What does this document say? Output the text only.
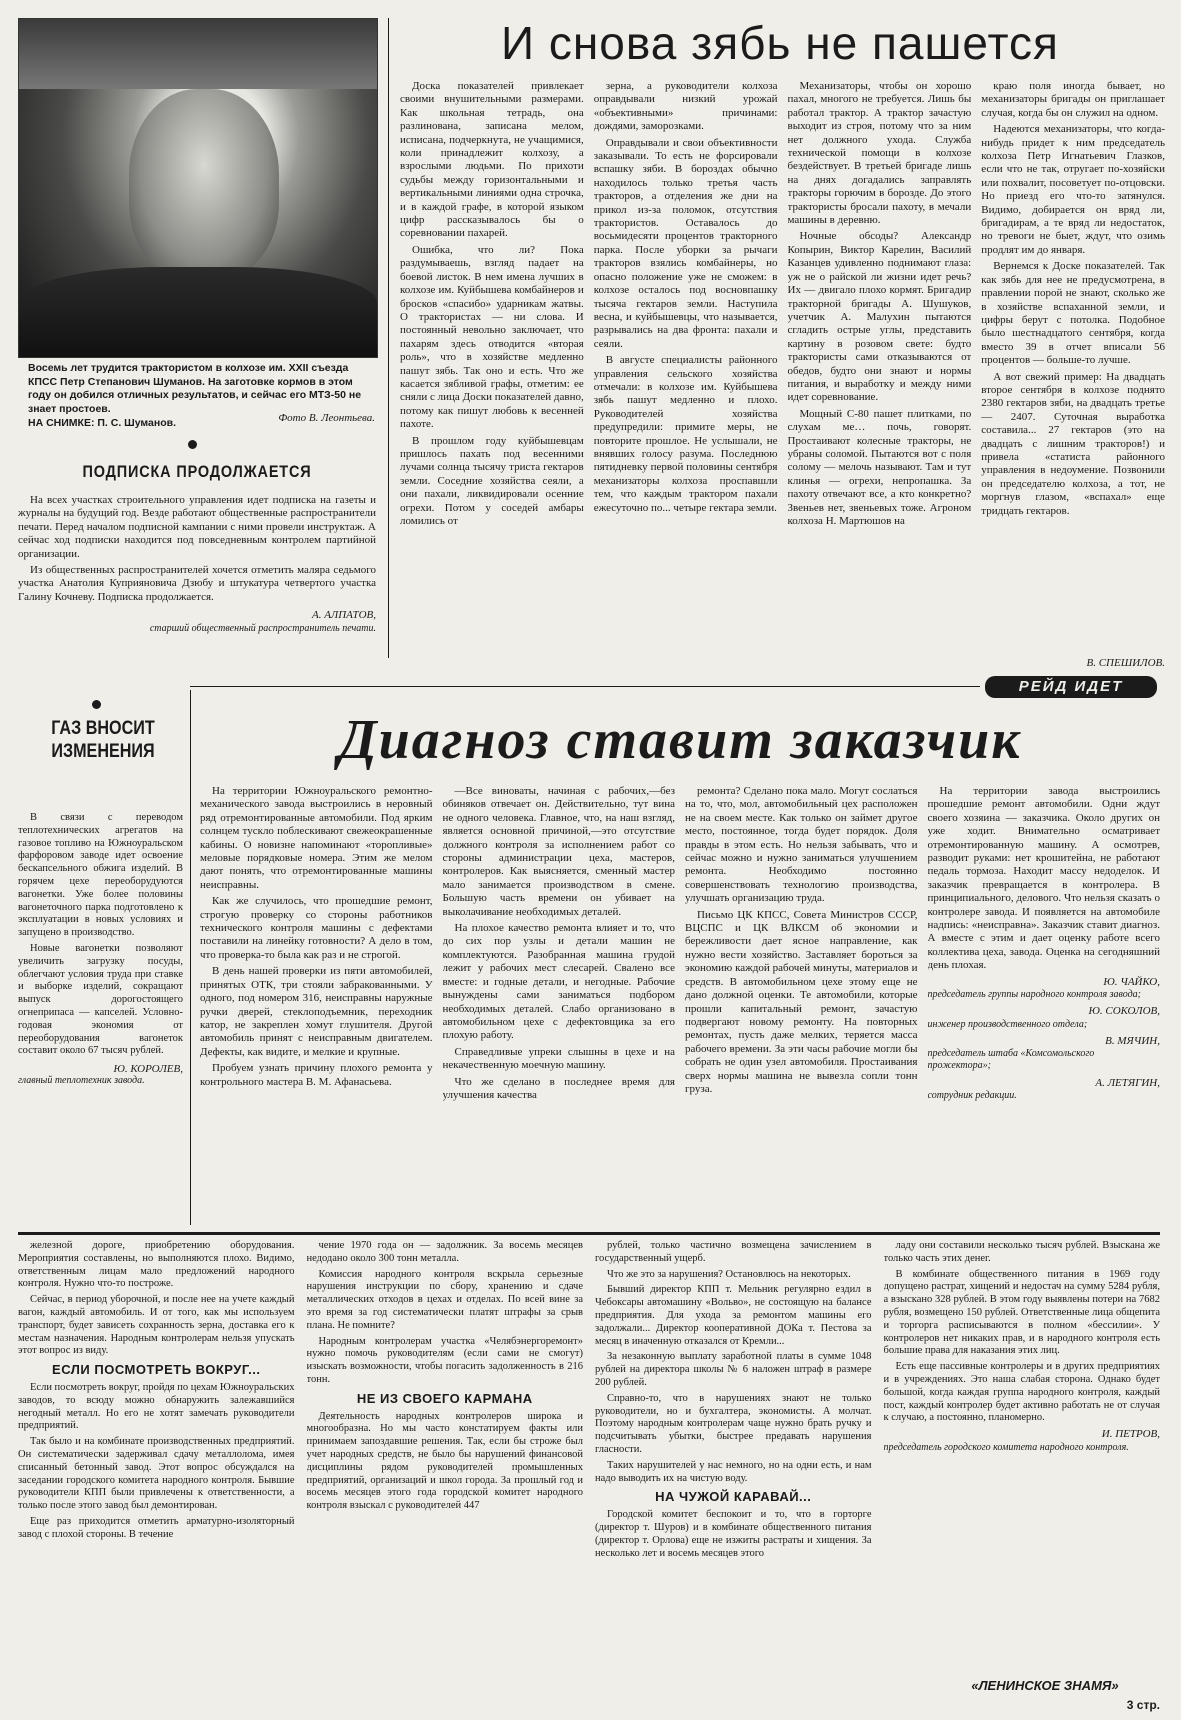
Восемь лет трудится трактористом в колхозе им. XXII съезда КПСС Петр Степанович Шуманов. На заготовке кормов в этом году он добился отличных результатов, и сейчас его МТЗ-50 не знает простоев.
НА СНИМКЕ: П. С. Шуманов.	Фото В. Леонтьева.
ПОДПИСКА ПРОДОЛЖАЕТСЯ

На всех участках строительного управления идет подписка на газеты и журналы на будущий год. Везде работают общественные распространители печати. Перед началом подписной кампании с ними провели инструктаж. А сейчас ход подписки находится под повседневным контролем партийной организации.

Из общественных распространителей хочется отметить маляра седьмого участка Анатолия Куприяновича Дзюбу и штукатура четвертого участка Галину Кочневу. Подписка продолжается.

А. АЛПАТОВ,
старший общественный распространитель печати.
И снова зябь не пашется

Доска показателей привлекает своими внушительными размерами. Как школьная тетрадь, она разлинована, записана мелом, исписана, подчеркнута, не учащимися, коли принадлежит колхозу, а взрослыми людьми. По прихоти судьбы между горизонтальными и вертикальными линиями одна строчка, и в каждой графе, в которой языком цифр рассказывалось бы о соревновании пахарей.

Ошибка, что ли? Пока раздумываешь, взгляд падает на боевой листок. В нем имена лучших в колхозе им. Куйбышева комбайнеров и бросков «спасибо» ударникам жатвы. О трактористах — ни слова. И постоянный невольно заключает, что пахарям здесь отводится «вторая роль», что в хозяйстве медленно пашут зябь. Так оно и есть. Что же касается зябливой графы, отметим: ее сняли с лица Доски показателей давно, потому как пишут любовь к весенней пахоте.

В прошлом году куйбышевцам пришлось пахать под весенними лучами солнца тысячу триста гектаров земли. Соседние хозяйства сеяли, а они пахали, ликвидировали осенние огрехи. Потом у соседей амбары ломились от

зерна, а руководители колхоза оправдывали низкий урожай «объективными» причинами: дождями, заморозками.

Оправдывали и свои объективности заказывали. То есть не форсировали вспашку зяби. В бороздах обычно находилось только третья часть тракторов, а отделения же дни на прикол из-за поломок, отсутствия трактористов. Оставалось до восьмидесяти процентов тракторного парка. После уборки за рычаги тракторов взялись комбайнеры, но опасно положение уже не сможем: в колхозе осталось под восновпашку тысяча гектаров земли. Наступила весна, и куйбышевцы, что называется, разрывались на два фронта: пахали и сеяли.

В августе специалисты районного управления сельского хозяйства отмечали: в колхозе им. Куйбышева зябь пашут медленно и плохо. Руководителей хозяйства предупредили: примите меры, не повторите прошлое. Не услышали, не внявших голосу разума. Последнюю пятидневку первой половины сентября механизаторы колхоза проспавшли тем, что каждым трактором пахали ежесуточно по... четыре гектара земли.

Механизаторы, чтобы он хорошо пахал, многого не требуется. Лишь бы работал трактор. А трактор зачастую выходит из строя, потому что за ним нет должного ухода. Служба технической помощи в колхозе бездействует. В третьей бригаде лишь на днях догадались заправлять тракторы горючим в борозде. До этого трактористы бросали пахоту, в мечали машины в деревню.

Ночные обсоды? Александр Копырин, Виктор Карелин, Василий Казанцев удивленно поднимают глаза: уж не о райской ли жизни идет речь? Их — двигало плохо кормят. Бригадир тракторной бригады А. Шушуков, учетчик А. Малухин пытаются сгладить острые углы, представить картину в розовом свете: будто трактористы сами отказываются от обедов, будто они знают и нормы питания, и выработку и между ними идет соревнование.

Мощный С-80 пашет плитками, по слухам ме… почь, говорят. Простаивают колесные тракторы, не убраны соломой. Пытаются вот с поля солому — мелочь называют. Там и тут клинья — огрехи, непропашка. За пахоту отвечают все, а кто конкретно? Звеньев нет, звеньевых тоже. Агроном колхоза Н. Мартюшов на

краю поля иногда бывает, но механизаторы бригады он приглашает случая, когда бы он служил на одном.

Надеются механизаторы, что когда-нибудь придет к ним председатель колхоза Петр Игнатьевич Глазков, если что не так, отругает по-хозяйски или похвалит, посоветует по-отцовски. Но приезд его что-то затянулся. Видимо, добирается он вряд ли, бригадирам, а те вряд ли недостаток, но тревоги не быет, ждут, что озимь продлят им до января.

Вернемся к Доске показателей. Так как зябь для нее не предусмотрена, в правлении порой не знают, сколько же в хозяйстве вспаханной земли, и цифры берут с потолка. Подобное было шестнадцатого сентября, когда вместо 39 в отчет вписали 56 процентов — больше-то лучше.

А вот свежий пример: На двадцать второе сентября в колхозе поднято 2380 гектаров зяби, на двадцать третье — 2407. Суточная выработка составила... 27 гектаров (это на двадцать с лишним тракторов!) и привела «статиста районного управления в недоумение. Позвонили он председателю колхоза, а тот, не моргнув глазом, «вспахал» еще тридцать гектаров.

В. СПЕШИЛОВ.
РЕЙД ИДЕТ
Диагноз ставит заказчик
ГАЗ ВНОСИТ ИЗМЕНЕНИЯ

В связи с переводом теплотехнических агрегатов на газовое топливо на Южноуральском фарфоровом заводе идет освоение бескапсельного обжига изделий. В горячем цехе переоборудуются вагонетки. Уже более половины вагонеточного парка подготовлено к эксплуатации в новых условиях и запущено в производство.

Новые вагонетки позволяют увеличить загрузку посуды, облегчают условия труда при ставке и выборке изделий, сокращают выпуск дорогостоящего огнеприпаса — капселей. Условно-годовая экономия от переоборудования вагонеток составит около 67 тысяч рублей.

Ю. КОРОЛЕВ,
главный теплотехник завода.

На территории Южноуральского ремонтно-механического завода выстроились в неровный ряд отремонтированные автомобили. Под ярким солнцем тускло поблескивают свежеокрашенные кабины. О новизне напоминают «торопливые» меловые порядковые номера. Этим же мелом дают понять, что отремонтированные машины неисправны.

Как же случилось, что прошедшие ремонт, строгую проверку со стороны работников технического контроля машины с дефектами поставили на линейку готовности? А дело в том, что проверка-то была как раз и не строгой.

В день нашей проверки из пяти автомобилей, принятых ОТК, три стояли забракованными. У одного, под номером 316, неисправны наружные ручки дверей, стеклоподъемник, переходник катор, не закреплен хомут глушителя. Другой автомобиль принят с неисправным двигателем. Дефекты, как видите, и мелкие и крупные.

Пробуем узнать причину плохого ремонта у контрольного мастера В. М. Афанасьева.

—Все виноваты, начиная с рабочих,—без обиняков отвечает он. Действительно, тут вина не одного человека. Главное, что, на наш взгляд, является основной причиной,—это отсутствие должного контроля за исполнением работ со стороны администрации цеха, мастеров, контролеров. Как выясняется, сменный мастер мало занимается производством в смене. Большую часть времени он убивает на выколачивание необходимых деталей.

На плохое качество ремонта влияет и то, что до сих пор узлы и детали машин не комплектуются. Разобранная машина грудой лежит у рабочих мест слесарей. Свалено все вместе: и годные детали, и негодные. Рабочие вынуждены сами заниматься подбором необходимых деталей. Слабо организовано в автомобильном цехе с дефектовщика за его плохую работу.

Справедливые упреки слышны в цехе и на некачественную моечную машину.

Что же сделано в последнее время для улучшения качества

ремонта? Сделано пока мало. Могут сослаться на то, что, мол, автомобильный цех расположен не на своем месте. Как только он займет другое место, постоянное, тогда будет порядок. Доля правды в этом есть. Но нельзя забывать, что и сейчас можно и нужно заниматься улучшением ремонта. Необходимо постоянно совершенствовать технологию производства, улучшать организацию труда.

Письмо ЦК КПСС, Совета Министров СССР, ВЦСПС и ЦК ВЛКСМ об экономии и бережливости дает ясное направление, как нужно вести хозяйство. Заставляет бороться за экономию каждой рабочей минуты, материалов и средств. В автомобильном цехе этому еще не дано должной оценки. Те автомобили, которые прошли капитальный ремонт, зачастую подвергают новому ремонту. На повторных ремонтах, пусть даже мелких, теряется масса рабочего времени. За эти часы рабочие могли бы собрать не один узел автомобиля. Простаивания сверх нормы машина не вывезла сопли тонн груза.

На территории завода выстроились прошедшие ремонт автомобили. Одни ждут своего хозяина — заказчика. Около других он уже ходит. Внимательно осматривает отремонтированную машину. А осмотрев, разводит руками: нет крошитейна, не работают педаль тормоза. Находит массу недоделок. И заказчик превращается в контролера. В принципиального, делового. Что нельзя сказать о контролере завода. И появляется на автомобиле надпись: «неисправна». Заказчик ставит диагноз. А вместе с этим и дает оценку работе всего коллектива цеха, завода. Оценка на сегодняшний день плохая.

Ю. ЧАЙКО,
председатель группы народного контроля завода;
Ю. СОКОЛОВ,
инженер производственного отдела;
В. МЯЧИН,
председатель штаба «Комсомольского прожектора»;
А. ЛЕТЯГИН,
сотрудник редакции.

железной дороге, приобретению оборудования. Мероприятия составлены, но выполняются плохо. Видимо, ответственным лицам мало предложений народного контроля. Нужно что-то построже.

Сейчас, в период уборочной, и после нее на учете каждый вагон, каждый автомобиль. И от того, как мы используем транспорт, будет зависеть сохранность зерна, доставка его к местам назначения. Народным контролерам нельзя упускать этот вопрос из виду.

ЕСЛИ ПОСМОТРЕТЬ ВОКРУГ...

Если посмотреть вокруг, пройдя по цехам Южноуральских заводов, то всюду можно обнаружить залежавшийся негодный металл. Но его не хотят замечать руководители предприятий.

Так было и на комбинате производственных предприятий. Он систематически задерживал сдачу металлолома, имея списанный бетонный завод. Этот вопрос обсуждался на заседании городского комитета народного контроля. Бывшие руководители КПП были привлечены к ответственности, а только после этого завод был демонтирован.

Еще раз приходится отметить арматурно-изоляторный завод с плохой стороны. В течение

чение 1970 года он — задолжник. За восемь месяцев недодано около 300 тонн металла.

Комиссия народного контроля вскрыла серьезные нарушения инструкции по сбору, хранению и сдаче металлических отходов в цехах и отделах. По всей вине за это время за год систематически платят штрафы за срыв плана. Не помните?

Народным контролерам участка «Челябэнергоремонт» нужно помочь руководителям (если сами не смогут) изыскать возможности, чтобы погасить задолженность в 216 тонн.

НЕ ИЗ СВОЕГО КАРМАНА

Деятельность народных контролеров широка и многообразна. Но мы часто констатируем факты или принимаем запоздавшие решения. Так, если бы строже был учет народных средств, не было бы нарушений финансовой дисциплины рядом руководителей промышленных предприятий, организаций и школ города. За прошлый год и восемь месяцев этого года городской комитет народного контроля взыскал с руководителей 447

рублей, только частично возмещена зачислением в государственный ущерб.

Что же это за нарушения? Остановлюсь на некоторых.

Бывший директор КПП т. Мельник регулярно ездил в Чебоксары автомашину «Вольво», не состоящую на балансе предприятия. Для ухода за ремонтом машины его задолжали... Директор кооперативной ДОКа т. Пестова за месяц в иначенную отказался от Кремли...

За незаконную выплату заработной платы в сумме 1048 рублей на директора школы № 6 наложен штраф в размере 200 рублей.

Справно-то, что в нарушениях знают не только руководители, но и бухгалтера, экономисты. А молчат. Поэтому народным контролерам чаще нужно брать ручку и подсчитывать убытки, быстрее предавать нарушения гласности.

Таких нарушителей у нас немного, но на одни есть, и нам надо выводить их на чистую воду.

НА ЧУЖОЙ КАРАВАЙ...

Городской комитет беспокоит и то, что в горторге (директор т. Шуров) и в комбинате общественного питания (директор т. Орлова) еще не изжиты растраты и хищения. За несколько лет и восемь месяцев этого

ладу они составили несколько тысяч рублей. Взыскана же только часть этих денег.

В комбинате общественного питания в 1969 году допущено растрат, хищений и недостач на сумму 5284 рубля, а взыскано 328 рублей. В этом году выявлены потери на 7682 рубля, возмещено 150 рублей. Ответственные лица общепита и торгорга расписываются в полном «бессилии». У контролеров нет никаких прав, и в народного контроля есть большие права для наказания этих лиц.

Есть еще пассивные контролеры и в других предприятиях и в учреждениях. Это наша слабая сторона. Однако будет большой, когда каждая группа народного контроля, каждый пост, каждый контролер будет активно работать не от случая к случаю, а постоянно, планомерно.

И. ПЕТРОВ,
председатель городского комитета народного контроля.
«ЛЕНИНСКОЕ ЗНАМЯ»
3 стр.
